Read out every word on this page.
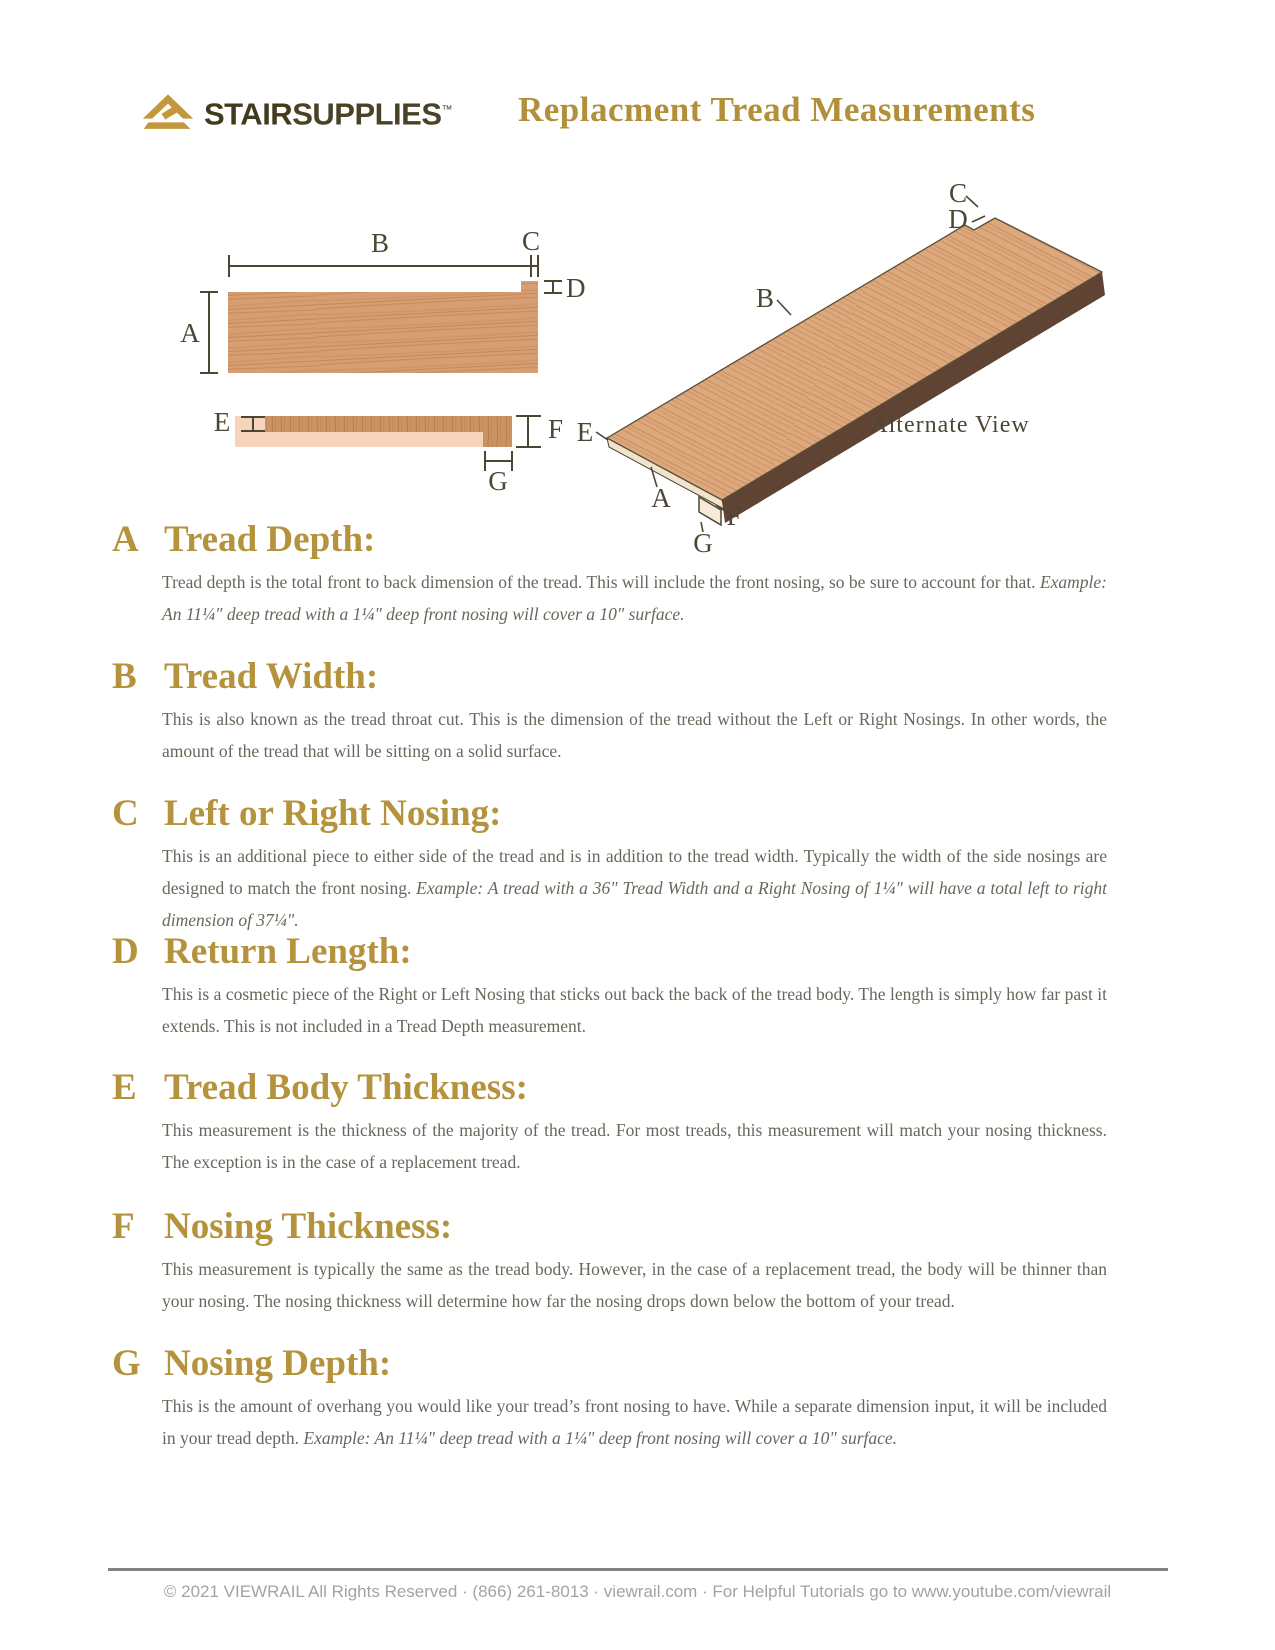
STAIRSUPPLIES™ Replacment Tread Measurements
B	C
A
D
E	F
G
C
D
B
E
A
F
G
Alternate View
A Tread Depth:

Tread depth is the total front to back dimension of the tread. This will include the front nosing, so be sure to account for that. Example: An 11¼" deep tread with a 1¼" deep front nosing will cover a 10" surface.

B Tread Width:

This is also known as the tread throat cut. This is the dimension of the tread without the Left or Right Nosings. In other words, the amount of the tread that will be sitting on a solid surface.

C Left or Right Nosing:

This is an additional piece to either side of the tread and is in addition to the tread width. Typically the width of the side nosings are designed to match the front nosing. Example: A tread with a 36" Tread Width and a Right Nosing of 1¼" will have a total left to right dimension of 37¼".

D Return Length:

This is a cosmetic piece of the Right or Left Nosing that sticks out back the back of the tread body. The length is simply how far past it extends. This is not included in a Tread Depth measurement.

E Tread Body Thickness:

This measurement is the thickness of the majority of the tread. For most treads, this measurement will match your nosing thickness. The exception is in the case of a replacement tread.

F Nosing Thickness:

This measurement is typically the same as the tread body. However, in the case of a replacement tread, the body will be thinner than your nosing. The nosing thickness will determine how far the nosing drops down below the bottom of your tread.

G Nosing Depth:

This is the amount of overhang you would like your tread’s front nosing to have. While a separate dimension input, it will be included in your tread depth. Example: An 11¼" deep tread with a 1¼" deep front nosing will cover a 10" surface.

© 2021 VIEWRAIL All Rights Reserved · (866) 261-8013 · viewrail.com · For Helpful Tutorials go to www.youtube.com/viewrail
